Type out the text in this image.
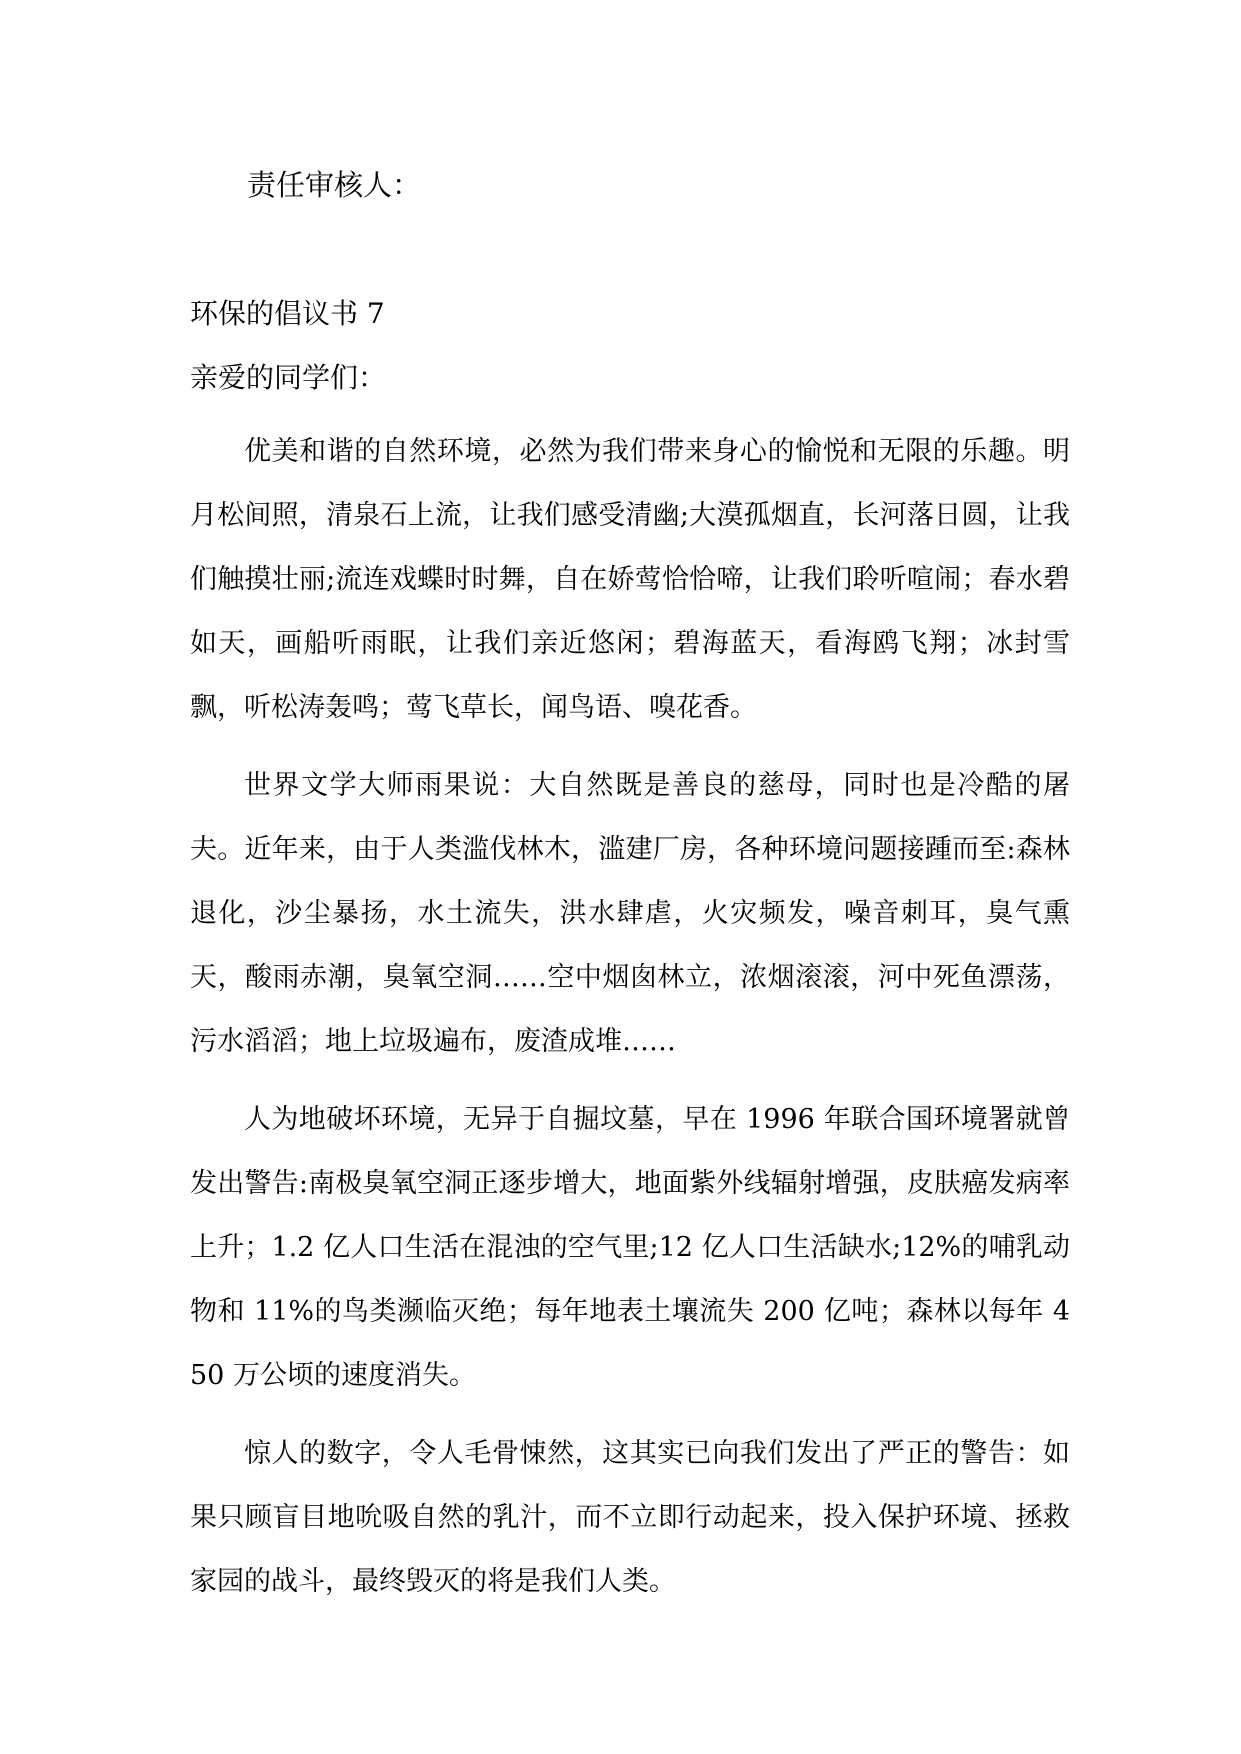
责任审核人：
环保的倡议书 7
亲爱的同学们：

优美和谐的自然环境，必然为我们带来身心的愉悦和无限的乐趣。明月松间照，清泉石上流，让我们感受清幽;大漠孤烟直，长河落日圆，让我们触摸壮丽;流连戏蝶时时舞，自在娇莺恰恰啼，让我们聆听喧闹；春水碧如天，画船听雨眠，让我们亲近悠闲；碧海蓝天，看海鸥飞翔；冰封雪飘，听松涛轰鸣；莺飞草长，闻鸟语、嗅花香。

世界文学大师雨果说：大自然既是善良的慈母，同时也是冷酷的屠夫。近年来，由于人类滥伐林木，滥建厂房，各种环境问题接踵而至:森林退化，沙尘暴扬，水土流失，洪水肆虐，火灾频发，噪音刺耳，臭气熏天，酸雨赤潮，臭氧空洞……空中烟囱林立，浓烟滚滚，河中死鱼漂荡，污水滔滔；地上垃圾遍布，废渣成堆……

人为地破坏环境，无异于自掘坟墓，早在 1996 年联合国环境署就曾发出警告:南极臭氧空洞正逐步增大，地面紫外线辐射增强，皮肤癌发病率上升；1.2 亿人口生活在混浊的空气里;12 亿人口生活缺水;12%的哺乳动物和 11%的鸟类濒临灭绝；每年地表土壤流失 200 亿吨；森林以每年 450 万公顷的速度消失。

惊人的数字，令人毛骨悚然，这其实已向我们发出了严正的警告：如果只顾盲目地吮吸自然的乳汁，而不立即行动起来，投入保护环境、拯救家园的战斗，最终毁灭的将是我们人类。
